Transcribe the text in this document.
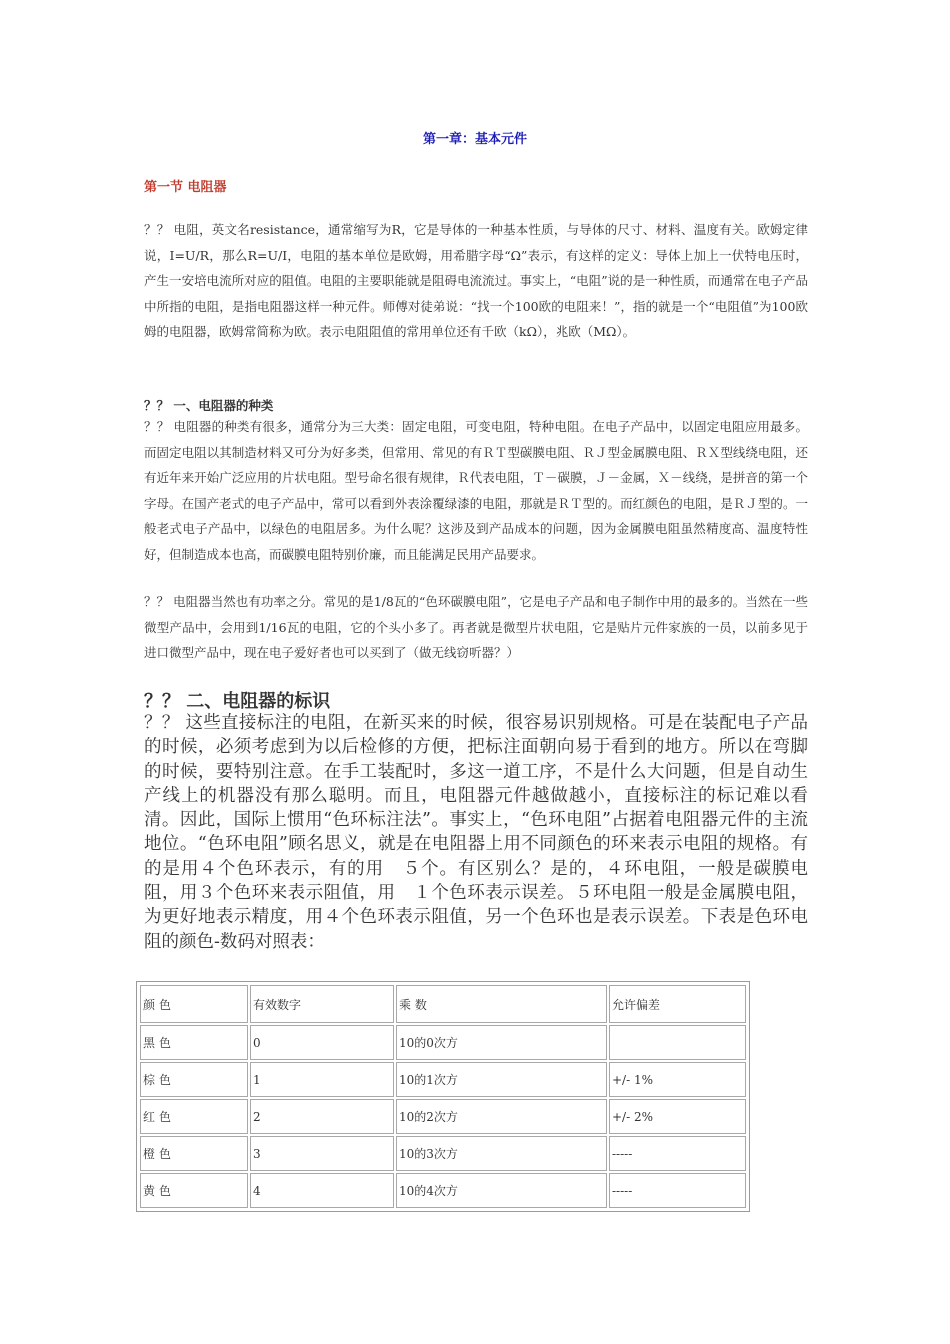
第一章：基本元件
第一节 电阻器

？？ 电阻，英文名resistance，通常缩写为R，它是导体的一种基本性质，与导体的尺寸、材料、温度有关。欧姆定律说，I=U/R，那么R=U/I，电阻的基本单位是欧姆，用希腊字母“Ω”表示，有这样的定义：导体上加上一伏特电压时，产生一安培电流所对应的阻值。电阻的主要职能就是阻碍电流流过。事实上，“电阻”说的是一种性质，而通常在电子产品中所指的电阻，是指电阻器这样一种元件。师傅对徒弟说：“找一个100欧的电阻来！”，指的就是一个“电阻值”为100欧姆的电阻器，欧姆常简称为欧。表示电阻阻值的常用单位还有千欧（kΩ），兆欧（MΩ）。

？？ 一、电阻器的种类

？？ 电阻器的种类有很多，通常分为三大类：固定电阻，可变电阻，特种电阻。在电子产品中，以固定电阻应用最多。而固定电阻以其制造材料又可分为好多类，但常用、常见的有ＲＴ型碳膜电阻、ＲＪ型金属膜电阻、ＲＸ型线绕电阻，还有近年来开始广泛应用的片状电阻。型号命名很有规律，Ｒ代表电阻，Ｔ－碳膜，Ｊ－金属，Ｘ－线绕，是拼音的第一个字母。在国产老式的电子产品中，常可以看到外表涂覆绿漆的电阻，那就是ＲＴ型的。而红颜色的电阻，是ＲＪ型的。一般老式电子产品中，以绿色的电阻居多。为什么呢？这涉及到产品成本的问题，因为金属膜电阻虽然精度高、温度特性好，但制造成本也高，而碳膜电阻特别价廉，而且能满足民用产品要求。

？？ 电阻器当然也有功率之分。常见的是1/8瓦的“色环碳膜电阻”，它是电子产品和电子制作中用的最多的。当然在一些微型产品中，会用到1/16瓦的电阻，它的个头小多了。再者就是微型片状电阻，它是贴片元件家族的一员，以前多见于进口微型产品中，现在电子爱好者也可以买到了（做无线窃听器？）

？？ 二、电阻器的标识

？？ 这些直接标注的电阻，在新买来的时候，很容易识别规格。可是在装配电子产品的时候，必须考虑到为以后检修的方便，把标注面朝向易于看到的地方。所以在弯脚的时候，要特别注意。在手工装配时，多这一道工序，不是什么大问题，但是自动生产线上的机器没有那么聪明。而且，电阻器元件越做越小，直接标注的标记难以看清。因此，国际上惯用“色环标注法”。事实上，“色环电阻”占据着电阻器元件的主流地位。“色环电阻”顾名思义，就是在电阻器上用不同颜色的环来表示电阻的规格。有的是用４个色环表示，有的用　５个。有区别么？是的，４环电阻，一般是碳膜电阻，用３个色环来表示阻值，用　１个色环表示误差。５环电阻一般是金属膜电阻，为更好地表示精度，用４个色环表示阻值，另一个色环也是表示误差。下表是色环电阻的颜色-数码对照表：

颜 色	有效数字	乘 数	允许偏差
黑 色	0	10的0次方	
棕 色	1	10的1次方	+/- 1%
红 色	2	10的2次方	+/- 2%
橙 色	3	10的3次方	-----
黄 色	4	10的4次方	-----
